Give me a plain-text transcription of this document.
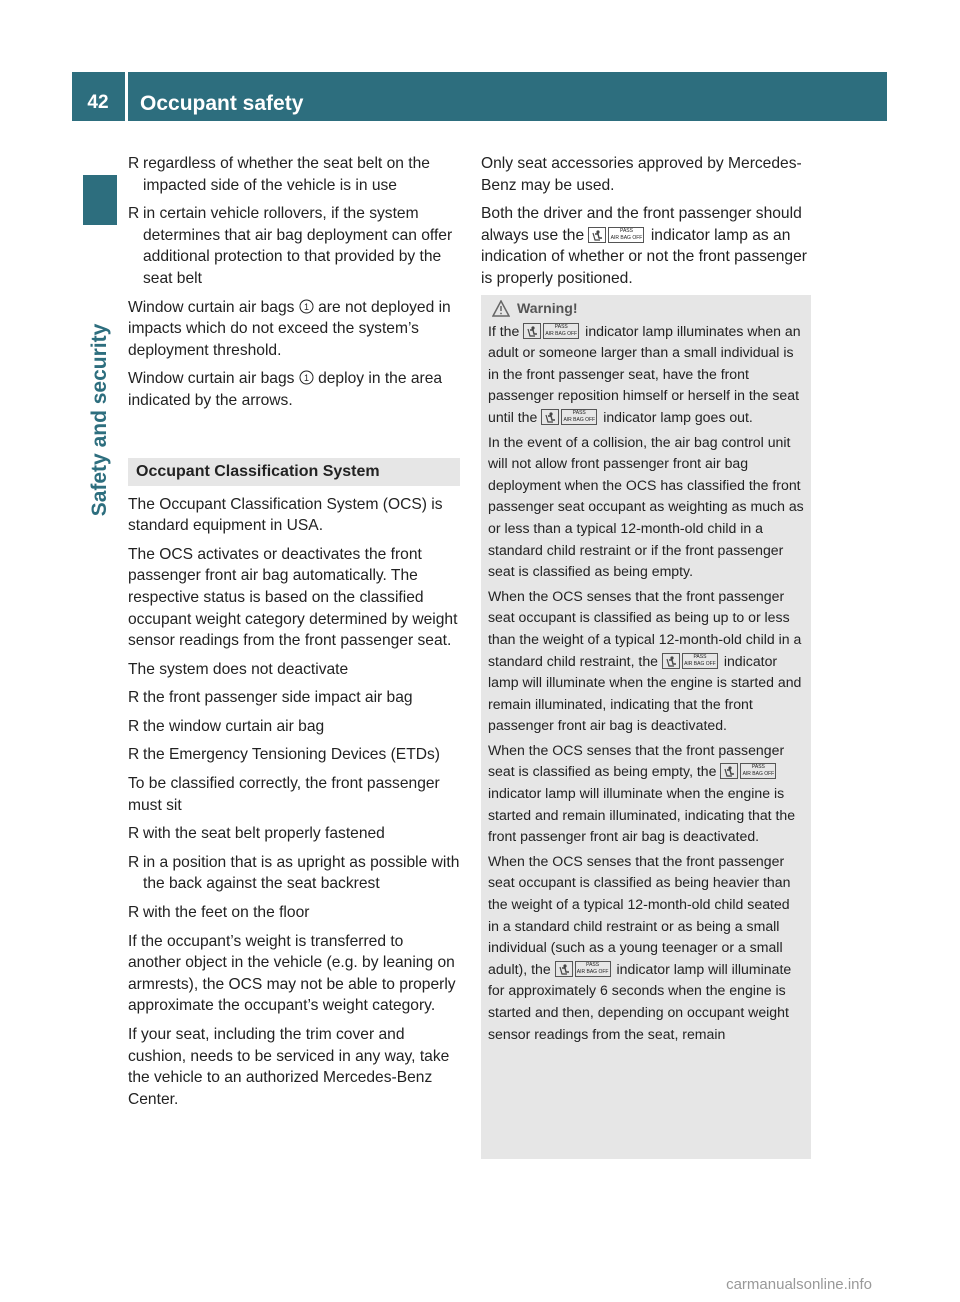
42	Occupant safety
Safety and security
R regardless of whether the seat belt on the impacted side of the vehicle is in use
R in certain vehicle rollovers, if the system determines that air bag deployment can offer additional protection to that provided by the seat belt

Window curtain air bags 1 are not deployed in impacts which do not exceed the system’s deployment threshold.

Window curtain air bags 1 deploy in the area indicated by the arrows.

Occupant Classification System

The Occupant Classification System (OCS) is standard equipment in USA.

The OCS activates or deactivates the front passenger front air bag automatically. The respective status is based on the classified occupant weight category determined by weight sensor readings from the front passenger seat.

The system does not deactivate

R the front passenger side impact air bag
R the window curtain air bag
R the Emergency Tensioning Devices (ETDs)

To be classified correctly, the front passenger must sit

R with the seat belt properly fastened
R in a position that is as upright as possible with the back against the seat backrest
R with the feet on the floor

If the occupant’s weight is transferred to another object in the vehicle (e.g. by leaning on armrests), the OCS may not be able to properly approximate the occupant’s weight category.

If your seat, including the trim cover and cushion, needs to be serviced in any way, take the vehicle to an authorized Mercedes-Benz Center.

Only seat accessories approved by Mercedes-Benz may be used.

Both the driver and the front passenger should always use the	PASS
AIR BAG OFF indicator lamp as an indication of whether or not the front passenger is properly positioned.

Warning!

If the	PASS
AIR BAG OFF indicator lamp illuminates when an adult or someone larger than a small individual is in the front passenger seat, have the front passenger reposition himself or herself in the seat until the	PASS
AIR BAG OFF indicator lamp goes out.

In the event of a collision, the air bag control unit will not allow front passenger front air bag deployment when the OCS has classified the front passenger seat occupant as weighting as much as or less than a typical 12-month-old child in a standard child restraint or if the front passenger seat is classified as being empty.

When the OCS senses that the front passenger seat occupant is classified as being up to or less than the weight of a typical 12-month-old child in a standard child restraint, the	PASS
AIR BAG OFF indicator lamp will illuminate when the engine is started and remain illuminated, indicating that the front passenger front air bag is deactivated.

When the OCS senses that the front passenger seat is classified as being empty, the	PASS
AIR BAG OFF
indicator lamp will illuminate when the engine is started and remain illuminated, indicating that the front passenger front air bag is deactivated.

When the OCS senses that the front passenger seat occupant is classified as being heavier than the weight of a typical 12-month-old child seated in a standard child restraint or as being a small individual (such as a young teenager or a small adult), the	PASS
AIR BAG OFF indicator lamp will illuminate for approximately 6 seconds when the engine is started and then, depending on occupant weight sensor readings from the seat, remain

carmanualsonline.info
